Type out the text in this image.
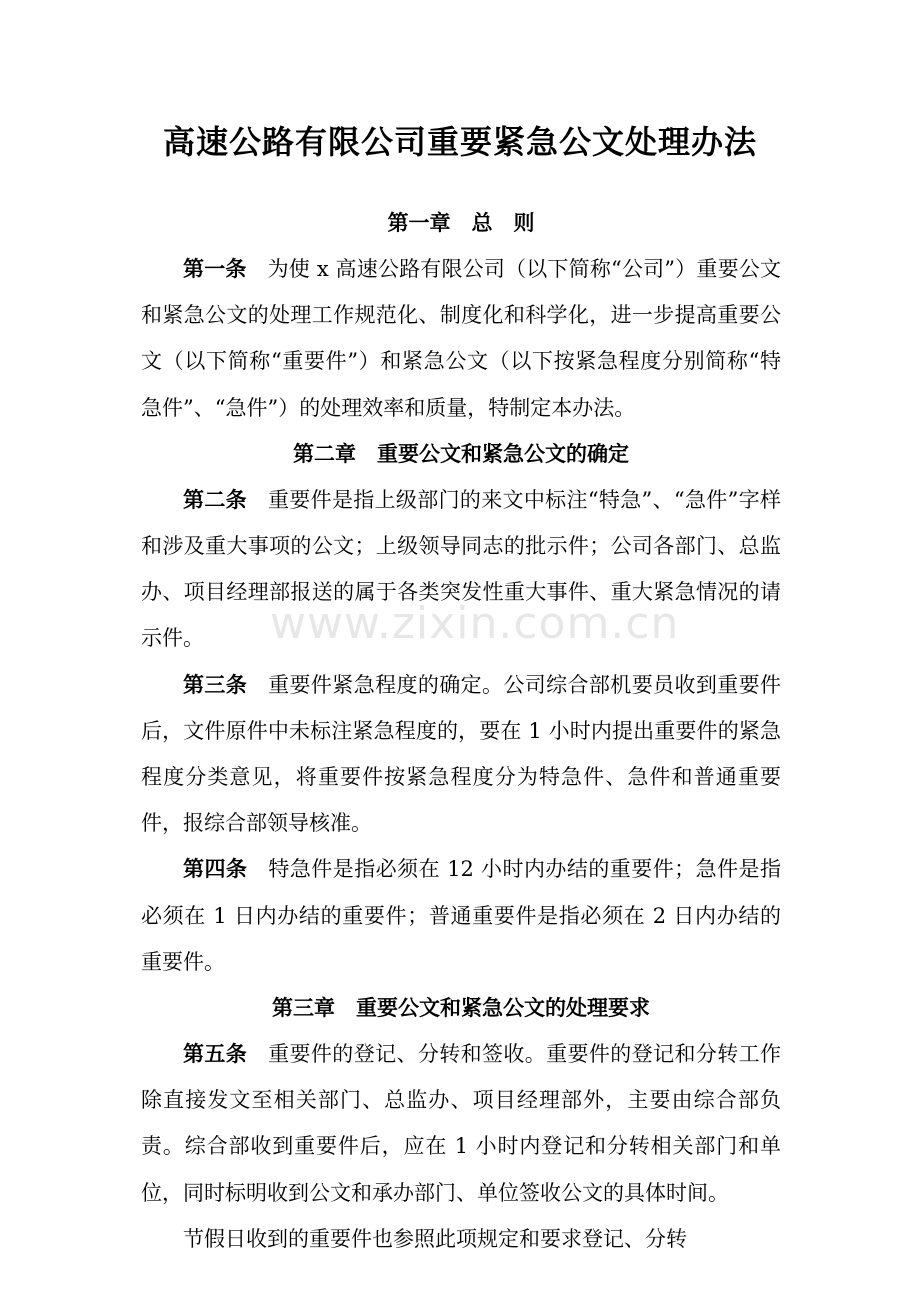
www.zixin.com.cn
高速公路有限公司重要紧急公文处理办法
第一章　总　则

第一条 为使 x 高速公路有限公司（以下简称“公司”）重要公文和紧急公文的处理工作规范化、制度化和科学化，进一步提高重要公文（以下简称“重要件”）和紧急公文（以下按紧急程度分别简称“特急件”、“急件”）的处理效率和质量，特制定本办法。

第二章　重要公文和紧急公文的确定

第二条 重要件是指上级部门的来文中标注“特急”、“急件”字样和涉及重大事项的公文；上级领导同志的批示件；公司各部门、总监办、项目经理部报送的属于各类突发性重大事件、重大紧急情况的请示件。

第三条 重要件紧急程度的确定。公司综合部机要员收到重要件后，文件原件中未标注紧急程度的，要在 1 小时内提出重要件的紧急程度分类意见，将重要件按紧急程度分为特急件、急件和普通重要件，报综合部领导核准。

第四条 特急件是指必须在 12 小时内办结的重要件；急件是指必须在 1 日内办结的重要件；普通重要件是指必须在 2 日内办结的重要件。

第三章　重要公文和紧急公文的处理要求

第五条 重要件的登记、分转和签收。重要件的登记和分转工作除直接发文至相关部门、总监办、项目经理部外，主要由综合部负责。综合部收到重要件后，应在 1 小时内登记和分转相关部门和单位，同时标明收到公文和承办部门、单位签收公文的具体时间。

节假日收到的重要件也参照此项规定和要求登记、分转
